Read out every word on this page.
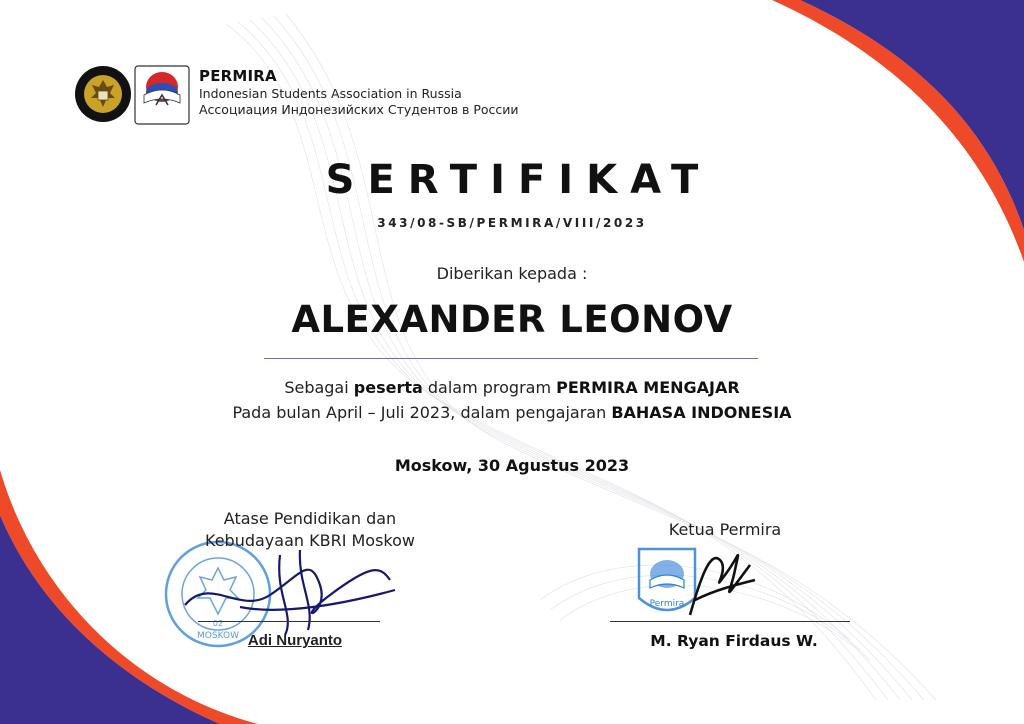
PERMIRA
Indonesian Students Association in Russia
Ассоциация Индонезийских Студентов в России
SERTIFIKAT
343/08-SB/PERMIRA/VIII/2023
Diberikan kepada :
ALEXANDER LEONOV
Sebagai peserta dalam program PERMIRA MENGAJAR
Pada bulan April – Juli 2023, dalam pengajaran BAHASA INDONESIA
Moskow, 30 Agustus 2023
MOSKOW
02
Atase Pendidikan dan
Kebudayaan KBRI Moskow
Adi Nuryanto
Ketua Permira
Permira
M. Ryan Firdaus W.
